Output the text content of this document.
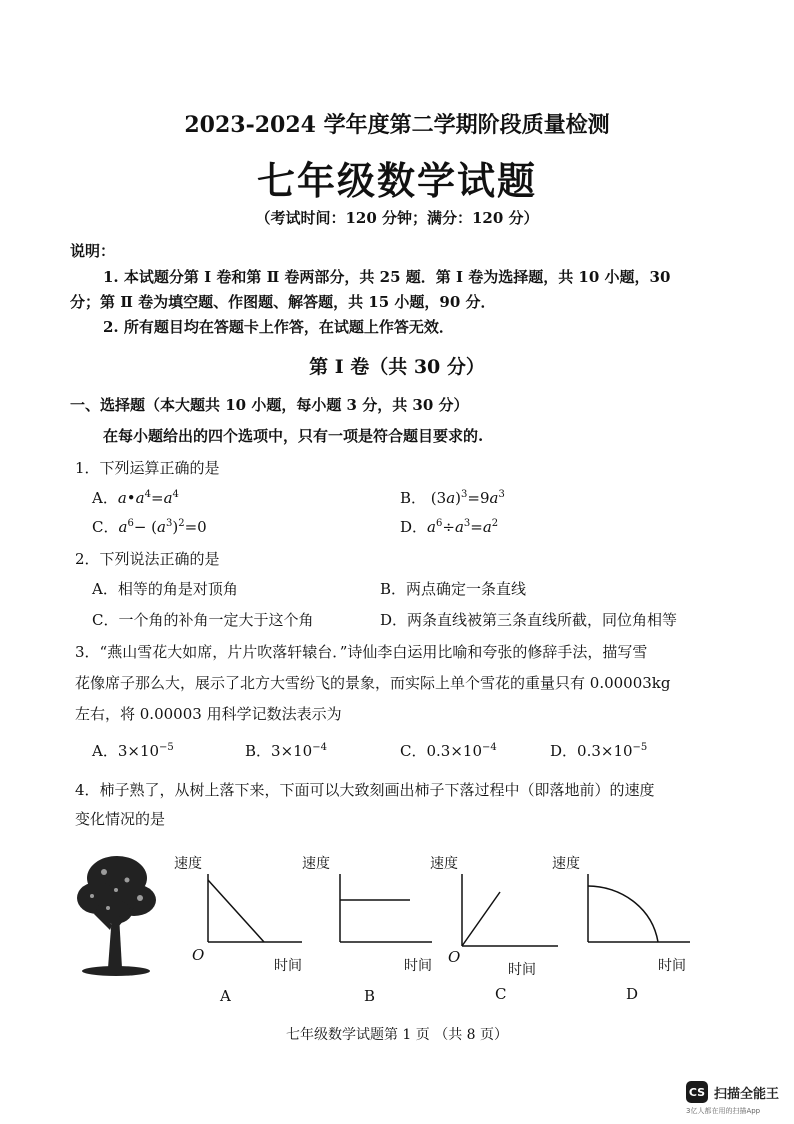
2023-2024 学年度第二学期阶段质量检测
七年级数学试题
（考试时间：120 分钟；满分：120 分）
说明：
1. 本试题分第 Ⅰ 卷和第 Ⅱ 卷两部分，共 25 题．第 Ⅰ 卷为选择题，共 10 小题，30
分；第 Ⅱ 卷为填空题、作图题、解答题，共 15 小题，90 分．
2. 所有题目均在答题卡上作答，在试题上作答无效．
第 Ⅰ 卷（共 30 分）
一、选择题（本大题共 10 小题，每小题 3 分，共 30 分）
在每小题给出的四个选项中，只有一项是符合题目要求的.
1．下列运算正确的是
A．$a•a^4=a^4$	B． $(3a)^3=9a^3$
C．$a^6- (a^3)^2=0$	D．$a^6\div a^3=a^2$
2．下列说法正确的是
A．相等的角是对顶角	B．两点确定一条直线
C．一个角的补角一定大于这个角	D．两条直线被第三条直线所截，同位角相等
3．“燕山雪花大如席，片片吹落轩辕台．”诗仙李白运用比喻和夸张的修辞手法，描写雪
花像席子那么大，展示了北方大雪纷飞的景象，而实际上单个雪花的重量只有 0.00003kg
左右，将 0.00003 用科学记数法表示为
A．$3\times 10^{-5}$	B．$3\times 10^{-4}$	C．$0.3\times 10^{-4}$	D．$0.3\times 10^{-5}$
4．柿子熟了，从树上落下来，下面可以大致刻画出柿子下落过程中（即落地前）的速度
变化情况的是
速度
O
时间
A
速度
时间
B
速度
O
时间
C
速度
时间
D
七年级数学试题第 1 页 （共 8 页）
CS 扫描全能王
3亿人都在用的扫描App
